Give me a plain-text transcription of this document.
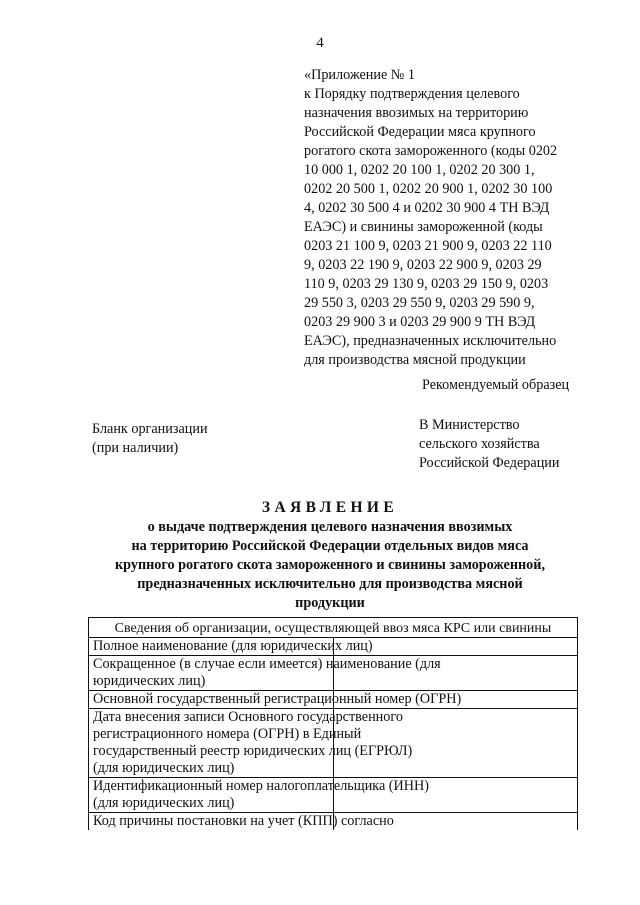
4
«Приложение № 1
к Порядку подтверждения целевого
назначения ввозимых на территорию
Российской Федерации мяса крупного
рогатого скота замороженного (коды 0202
10 000 1, 0202 20 100 1, 0202 20 300 1,
0202 20 500 1, 0202 20 900 1, 0202 30 100
4, 0202 30 500 4 и 0202 30 900 4 ТН ВЭД
ЕАЭС) и свинины замороженной (коды
0203 21 100 9, 0203 21 900 9, 0203 22 110
9, 0203 22 190 9, 0203 22 900 9, 0203 29
110 9, 0203 29 130 9, 0203 29 150 9, 0203
29 550 3, 0203 29 550 9, 0203 29 590 9,
0203 29 900 3 и 0203 29 900 9 ТН ВЭД
ЕАЭС), предназначенных исключительно
для производства мясной продукции
Рекомендуемый образец
Бланк организации
(при наличии)
В Министерство
сельского хозяйства
Российской Федерации
ЗАЯВЛЕНИЕ
о выдаче подтверждения целевого назначения ввозимых
на территорию Российской Федерации отдельных видов мяса
крупного рогатого скота замороженного и свинины замороженной,
предназначенных исключительно для производства мясной
продукции
Сведения об организации, осуществляющей ввоз мяса КРС или свинины	

Полное наименование (для юридических лиц)	

Сокращенное (в случае если имеется) наименование (для
юридических лиц)	

Основной государственный регистрационный номер (ОГРН)	

Дата внесения записи Основного государственного
регистрационного номера (ОГРН) в Единый
государственный реестр юридических лиц (ЕГРЮЛ)
(для юридических лиц)	

Идентификационный номер налогоплательщика (ИНН)
(для юридических лиц)	

Код причины постановки на учет (КПП) согласно	
